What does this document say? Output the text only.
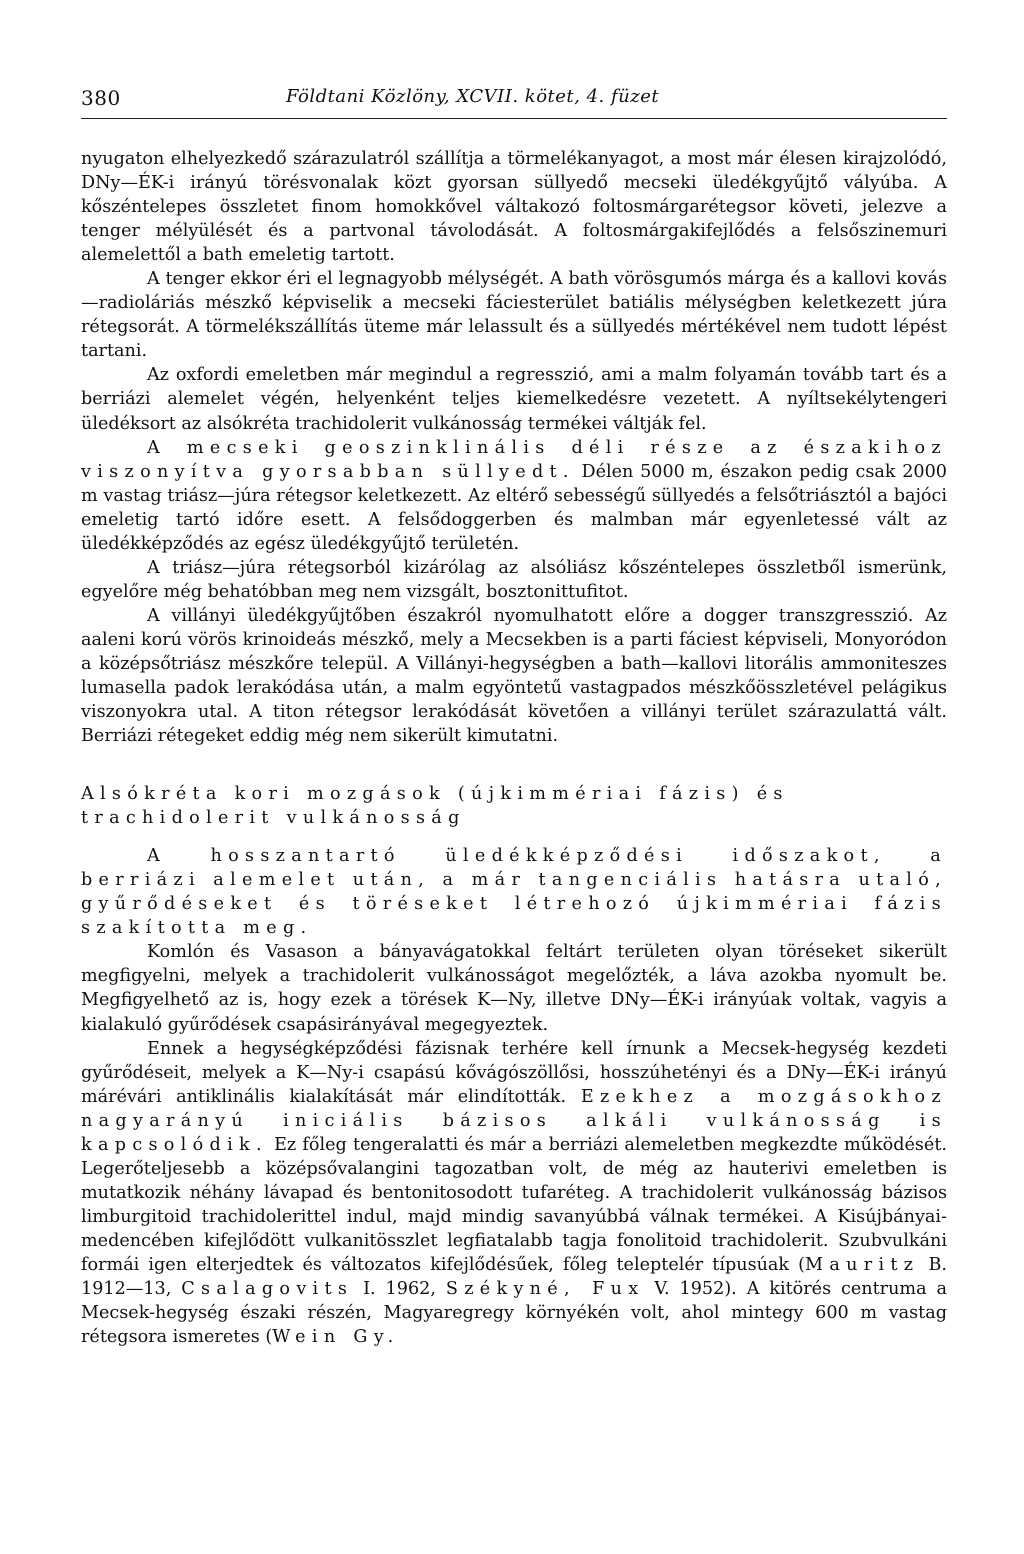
380	Földtani Közlöny, XCVII. kötet, 4. füzet

nyugaton elhelyezkedő szárazulatról szállítja a törmelékanyagot, a most már élesen kirajzolódó, DNy—ÉK-i irányú törésvonalak közt gyorsan süllyedő mecseki üledékgyűjtő vályúba. A kőszéntelepes összletet finom homokkővel váltakozó foltosmárgarétegsor követi, jelezve a tenger mélyülését és a partvonal távolodását. A foltosmárgakifejlődés a felsőszinemuri alemelettől a bath emeletig tartott.

A tenger ekkor éri el legnagyobb mélységét. A bath vörösgumós márga és a kallovi kovás—radioláriás mészkő képviselik a mecseki fáciesterület batiális mélységben keletkezett júra rétegsorát. A törmelékszállítás üteme már lelassult és a süllyedés mértékével nem tudott lépést tartani.

Az oxfordi emeletben már megindul a regresszió, ami a malm folyamán tovább tart és a berriázi alemelet végén, helyenként teljes kiemelkedésre vezetett. A nyíltsekélytengeri üledéksort az alsókréta trachidolerit vulkánosság termékei váltják fel.

A mecseki geoszinklinális déli része az északihoz viszonyítva gyorsabban süllyedt. Délen 5000 m, északon pedig csak 2000 m vastag triász—júra rétegsor keletkezett. Az eltérő sebességű süllyedés a felsőtriásztól a bajóci emeletig tartó időre esett. A felsődoggerben és malmban már egyenletessé vált az üledékképződés az egész üledékgyűjtő területén.

A triász—júra rétegsorból kizárólag az alsóliász kőszéntelepes összletből ismerünk, egyelőre még behatóbban meg nem vizsgált, bosztonittufitot.

A villányi üledékgyűjtőben északról nyomulhatott előre a dogger transzgresszió. Az aaleni korú vörös krinoideás mészkő, mely a Mecsekben is a parti fáciest képviseli, Monyoródon a középsőtriász mészkőre települ. A Villányi-hegységben a bath—kallovi litorális ammoniteszes lumasella padok lerakódása után, a malm egyöntetű vastagpados mészkőösszletével pelágikus viszonyokra utal. A titon rétegsor lerakódását követően a villányi terület szárazulattá vált. Berriázi rétegeket eddig még nem sikerült kimutatni.

Alsókréta kori mozgások (újkimmériai fázis) és trachidolerit vulkánosság

A hosszantartó üledékképződési időszakot, a berriázi alemelet után, a már tangenciális hatásra utaló, gyűrődéseket és töréseket létrehozó újkimmériai fázis szakította meg.

Komlón és Vasason a bányavágatokkal feltárt területen olyan töréseket sikerült megfigyelni, melyek a trachidolerit vulkánosságot megelőzték, a láva azokba nyomult be. Megfigyelhető az is, hogy ezek a törések K—Ny, illetve DNy—ÉK-i irányúak voltak, vagyis a kialakuló gyűrődések csapásirányával megegyeztek.

Ennek a hegységképződési fázisnak terhére kell írnunk a Mecsek-hegység kezdeti gyűrődéseit, melyek a K—Ny-i csapású kővágószöllősi, hosszúhetényi és a DNy—ÉK-i irányú márévári antiklinális kialakítását már elindították. Ezekhez a mozgásokhoz nagyarányú iniciális bázisos alkáli vulkánosság is kapcsolódik. Ez főleg tengeralatti és már a berriázi alemeletben megkezdte működését. Legerőteljesebb a középsővalangini tagozatban volt, de még az hauterivi emeletben is mutatkozik néhány lávapad és bentonitosodott tufaréteg. A trachidolerit vulkánosság bázisos limburgitoid trachidolerittel indul, majd mindig savanyúbbá válnak termékei. A Kisújbányai-medencében kifejlődött vulkanitösszlet legfiatalabb tagja fonolitoid trachidolerit. Szubvulkáni formái igen elterjedtek és változatos kifejlődésűek, főleg teleptelér típusúak (Mauritz B. 1912—13, Csalagovits I. 1962, Székyné, Fux V. 1952). A kitörés centruma a Mecsek-hegység északi részén, Magyaregregy környékén volt, ahol mintegy 600 m vastag rétegsora ismeretes (Wein Gy.
